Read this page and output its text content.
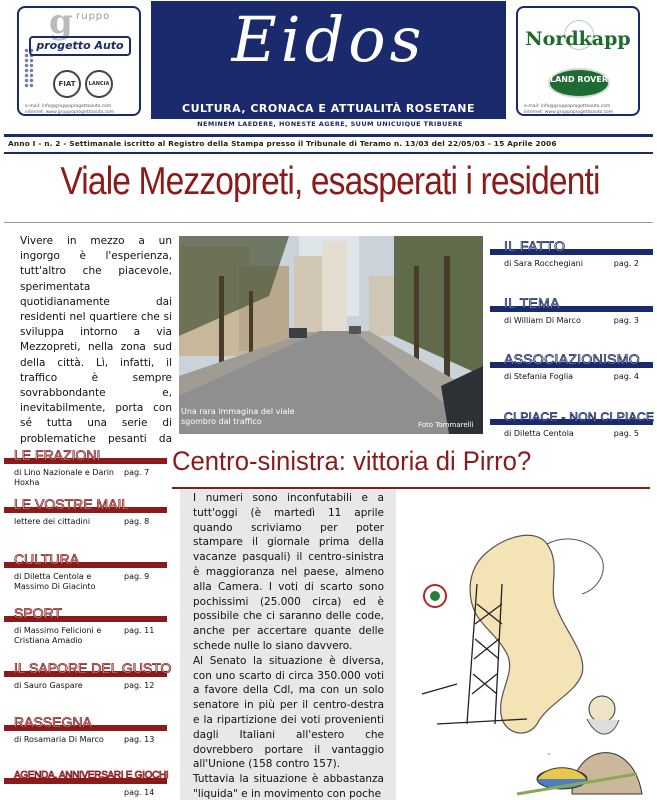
g ruppo
progetto Auto
FIAT	LANCIA
e-mail: info@gruppoprogettoauto.com
internet: www.gruppoprogettoauto.com
Eidos
CULTURA, CRONACA E ATTUALITÀ ROSETANE
Nordkapp
LAND ROVER
e-mail: info@gruppoprogettoauto.com
internet: www.gruppoprogettoauto.com
NEMINEM LAEDERE, HONESTE AGERE, SUUM UNICUIQUE TRIBUERE
Anno I - n. 2 - Settimanale iscritto al Registro della Stampa presso il Tribunale di Teramo n. 13/03 del 22/05/03 - 15 Aprile 2006
Viale Mezzopreti, esasperati i residenti
Vivere in mezzo a un ingorgo è l'esperienza, tutt'altro che piacevole, sperimentata quotidianamente dai residenti nel quartiere che si sviluppa intorno a via Mezzopreti, nella zona sud della città. Lì, infatti, il traffico è sempre sovrabbondante e, inevitabilmente, porta con sé tutta una serie di problematiche pesanti da
Una rara immagina del viale sgombro dal traffico	Foto Tommarelli
IL FATTO
di Sara Rocchegiani	pag. 2
IL TEMA
di William Di Marco	pag. 3
ASSOCIAZIONISMO
di Stefania Foglia	pag. 4
CI PIACE - NON CI PIACE
di Diletta Centola	pag. 5
LE FRAZIONI
di Lino Nazionale e Darin Hoxha
pag. 7
LE VOSTRE MAIL
lettere dei cittadini	pag. 8
CULTURA
di Diletta Centola e Massimo Di Giacinto
pag. 9
SPORT
di Massimo Felicioni e Cristiana Amadio
pag. 11
IL SAPORE DEL GUSTO
di Sauro Gaspare	pag. 12
RASSEGNA
di Rosamaria Di Marco	pag. 13
AGENDA, ANNIVERSARI E GIOCHI
pag. 14
Centro-sinistra: vittoria di Pirro?

I numeri sono inconfutabili e a tutt'oggi (è martedì 11 aprile quando scriviamo per poter stampare il giornale prima della vacanze pasquali) il centro-sinistra è maggioranza nel paese, almeno alla Camera. I voti di scarto sono pochissimi (25.000 circa) ed è possibile che ci saranno delle code, anche per accertare quante delle schede nulle lo siano davvero.

Al Senato la situazione è diversa, con uno scarto di circa 350.000 voti a favore della Cdl, ma con un solo senatore in più per il centro-destra e la ripartizione dei voti provenienti dagli Italiani all'estero che dovrebbero portare il vantaggio all'Unione (158 contro 157).

Tuttavia la situazione è abbastanza "liquida" e in movimento con poche

~
